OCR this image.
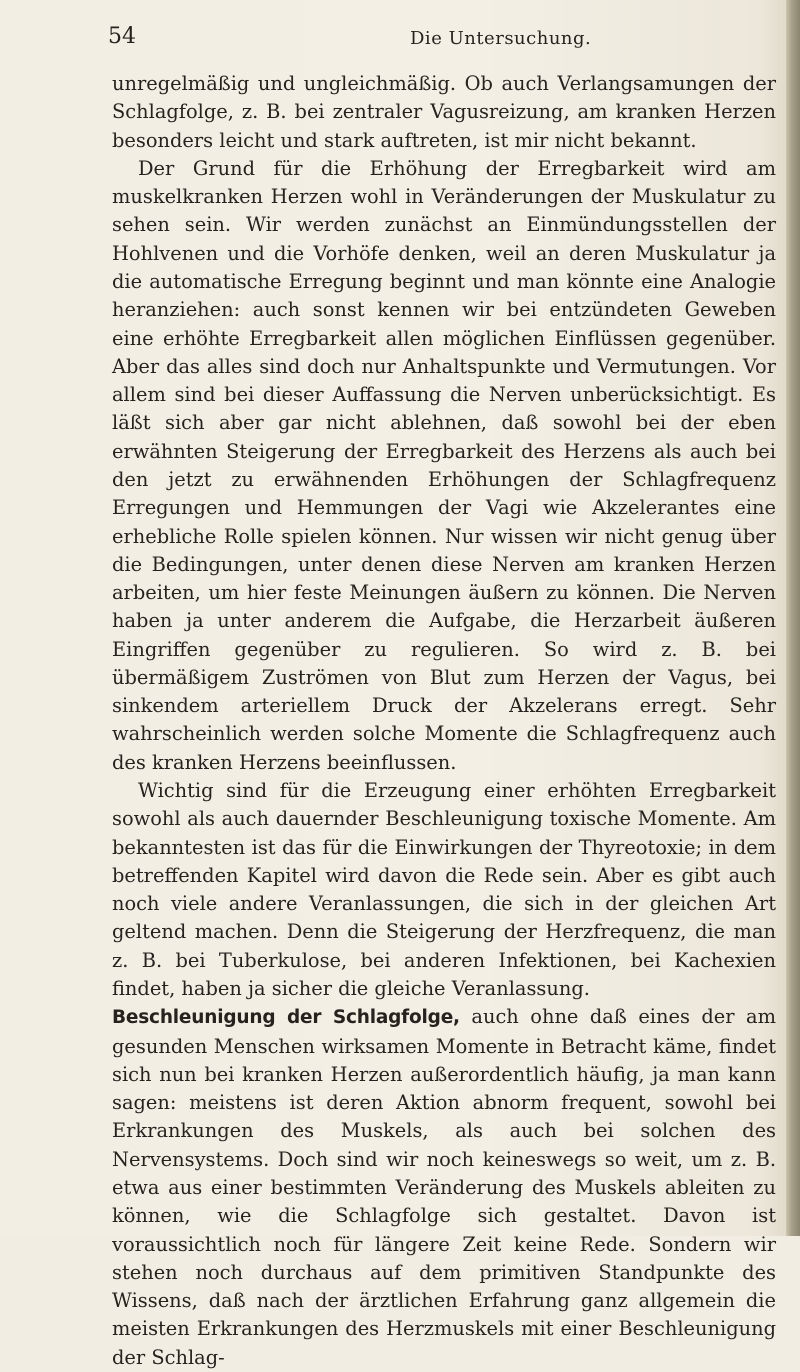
54	Die Untersuchung.

unregelmäßig und ungleichmäßig. Ob auch Verlangsamungen der Schlagfolge, z. B. bei zentraler Vagusreizung, am kranken Herzen besonders leicht und stark auftreten, ist mir nicht bekannt.

Der Grund für die Erhöhung der Erregbarkeit wird am muskelkranken Herzen wohl in Veränderungen der Muskulatur zu sehen sein. Wir werden zunächst an Einmündungsstellen der Hohlvenen und die Vorhöfe denken, weil an deren Muskulatur ja die automatische Erregung beginnt und man könnte eine Analogie heranziehen: auch sonst kennen wir bei entzündeten Geweben eine erhöhte Erregbarkeit allen möglichen Einflüssen gegenüber. Aber das alles sind doch nur Anhaltspunkte und Vermutungen. Vor allem sind bei dieser Auffassung die Nerven unberücksichtigt. Es läßt sich aber gar nicht ablehnen, daß sowohl bei der eben erwähnten Steigerung der Erregbarkeit des Herzens als auch bei den jetzt zu erwähnenden Erhöhungen der Schlagfrequenz Erregungen und Hemmungen der Vagi wie Akzelerantes eine erhebliche Rolle spielen können. Nur wissen wir nicht genug über die Bedingungen, unter denen diese Nerven am kranken Herzen arbeiten, um hier feste Meinungen äußern zu können. Die Nerven haben ja unter anderem die Aufgabe, die Herzarbeit äußeren Eingriffen gegenüber zu regulieren. So wird z. B. bei übermäßigem Zuströmen von Blut zum Herzen der Vagus, bei sinkendem arteriellem Druck der Akzelerans erregt. Sehr wahrscheinlich werden solche Momente die Schlagfrequenz auch des kranken Herzens beeinflussen.

Wichtig sind für die Erzeugung einer erhöhten Erregbarkeit sowohl als auch dauernder Beschleunigung toxische Momente. Am bekanntesten ist das für die Einwirkungen der Thyreotoxie; in dem betreffenden Kapitel wird davon die Rede sein. Aber es gibt auch noch viele andere Veranlassungen, die sich in der gleichen Art geltend machen. Denn die Steigerung der Herzfrequenz, die man z. B. bei Tuberkulose, bei anderen Infektionen, bei Kachexien findet, haben ja sicher die gleiche Veranlassung.

Beschleunigung der Schlagfolge, auch ohne daß eines der am gesunden Menschen wirksamen Momente in Betracht käme, findet sich nun bei kranken Herzen außerordentlich häufig, ja man kann sagen: meistens ist deren Aktion abnorm frequent, sowohl bei Erkrankungen des Muskels, als auch bei solchen des Nervensystems. Doch sind wir noch keineswegs so weit, um z. B. etwa aus einer bestimmten Veränderung des Muskels ableiten zu können, wie die Schlagfolge sich gestaltet. Davon ist voraussichtlich noch für längere Zeit keine Rede. Sondern wir stehen noch durchaus auf dem primitiven Standpunkte des Wissens, daß nach der ärztlichen Erfahrung ganz allgemein die meisten Erkrankungen des Herzmuskels mit einer Beschleunigung der Schlag-
